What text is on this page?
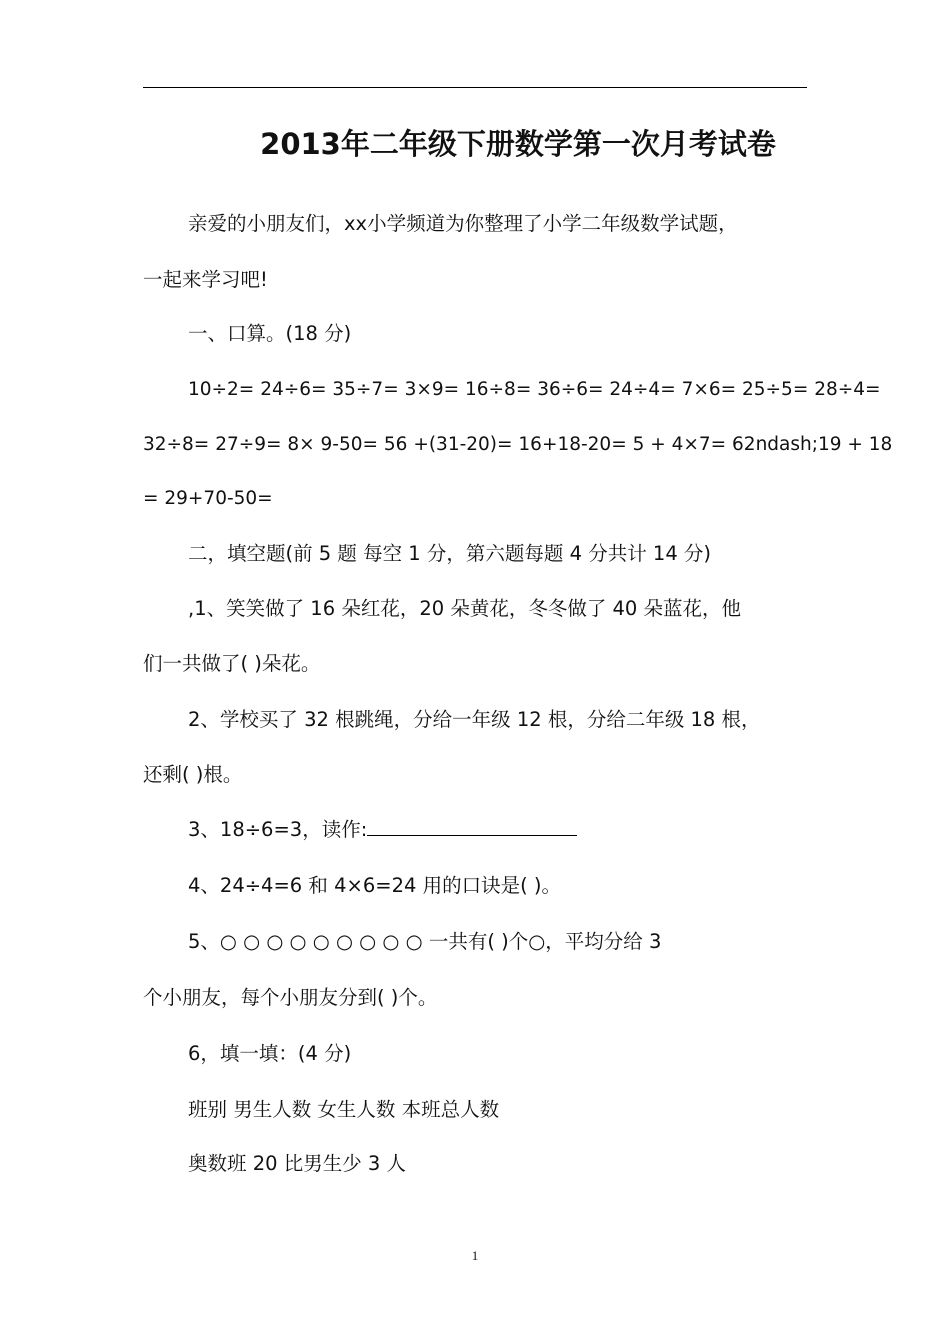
2013年二年级下册数学第一次月考试卷
亲爱的小朋友们，xx小学频道为你整理了小学二年级数学试题，
一起来学习吧!
一、口算。(18 分)
10÷2= 24÷6= 35÷7= 3×9= 16÷8= 36÷6= 24÷4= 7×6= 25÷5= 28÷4=
32÷8= 27÷9= 8× 9-50= 56 +(31-20)= 16+18-20= 5 + 4×7= 62ndash;19 + 18
= 29+70-50=
二，填空题(前 5 题 每空 1 分，第六题每题 4 分共计 14 分)
,1、笑笑做了 16 朵红花，20 朵黄花，冬冬做了 40 朵蓝花，他
们一共做了( )朵花。
2、学校买了 32 根跳绳，分给一年级 12 根，分给二年级 18 根，
还剩( )根。
3、18÷6=3，读作:
4、24÷4=6 和 4×6=24 用的口诀是( )。
5、○ ○ ○ ○ ○ ○ ○ ○ ○ 一共有( )个○，平均分给 3
个小朋友，每个小朋友分到( )个。
6，填一填：(4 分)
班别 男生人数 女生人数 本班总人数
奥数班 20 比男生少 3 人
1
